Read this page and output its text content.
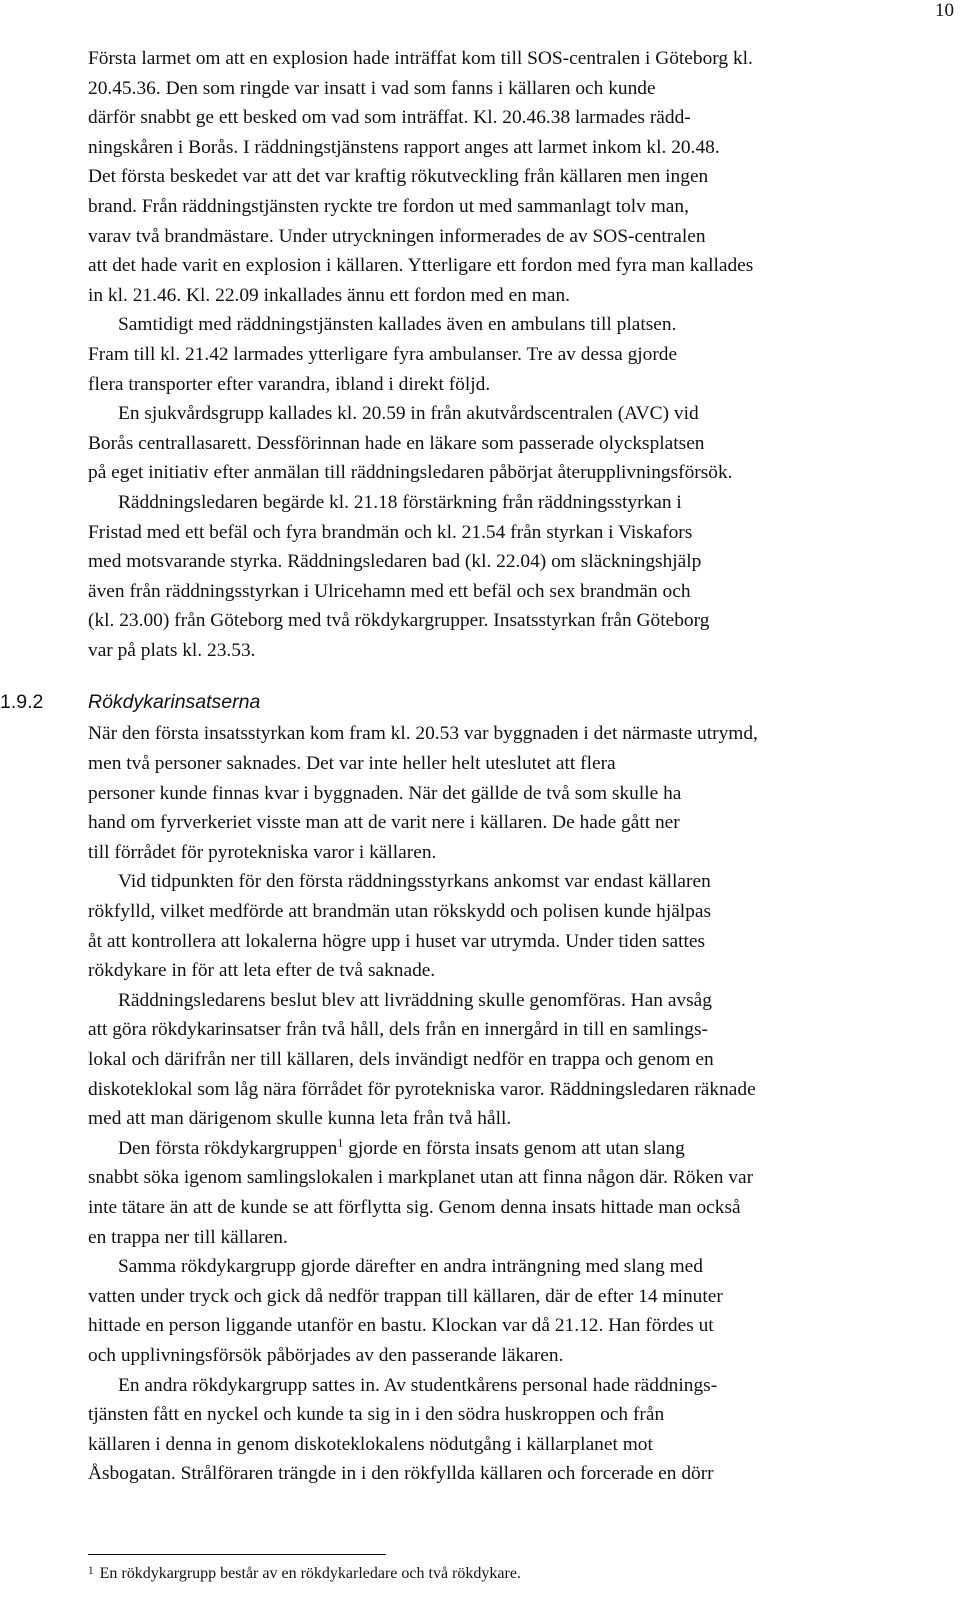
10
Första larmet om att en explosion hade inträffat kom till SOS-centralen i Göteborg kl.
20.45.36. Den som ringde var insatt i vad som fanns i källaren och kunde
därför snabbt ge ett besked om vad som inträffat. Kl. 20.46.38 larmades rädd-
ningskåren i Borås. I räddningstjänstens rapport anges att larmet inkom kl. 20.48.
Det första beskedet var att det var kraftig rökutveckling från källaren men ingen
brand. Från räddningstjänsten ryckte tre fordon ut med sammanlagt tolv man,
varav två brandmästare. Under utryckningen informerades de av SOS-centralen
att det hade varit en explosion i källaren. Ytterligare ett fordon med fyra man kallades
in kl. 21.46. Kl. 22.09 inkallades ännu ett fordon med en man.
Samtidigt med räddningstjänsten kallades även en ambulans till platsen.
Fram till kl. 21.42 larmades ytterligare fyra ambulanser. Tre av dessa gjorde
flera transporter efter varandra, ibland i direkt följd.
En sjukvårdsgrupp kallades kl. 20.59 in från akutvårdscentralen (AVC) vid
Borås centrallasarett. Dessförinnan hade en läkare som passerade olycksplatsen
på eget initiativ efter anmälan till räddningsledaren påbörjat återupplivningsförsök.
Räddningsledaren begärde kl. 21.18 förstärkning från räddningsstyrkan i
Fristad med ett befäl och fyra brandmän och kl. 21.54 från styrkan i Viskafors
med motsvarande styrka. Räddningsledaren bad (kl. 22.04) om släckningshjälp
även från räddningsstyrkan i Ulricehamn med ett befäl och sex brandmän och
(kl. 23.00) från Göteborg med två rökdykargrupper. Insatsstyrkan från Göteborg
var på plats kl. 23.53.
1.9.2 Rökdykarinsatserna
När den första insatsstyrkan kom fram kl. 20.53 var byggnaden i det närmaste utrymd,
men två personer saknades. Det var inte heller helt uteslutet att flera
personer kunde finnas kvar i byggnaden. När det gällde de två som skulle ha
hand om fyrverkeriet visste man att de varit nere i källaren. De hade gått ner
till förrådet för pyrotekniska varor i källaren.
Vid tidpunkten för den första räddningsstyrkans ankomst var endast källaren
rökfylld, vilket medförde att brandmän utan rökskydd och polisen kunde hjälpas
åt att kontrollera att lokalerna högre upp i huset var utrymda. Under tiden sattes
rökdykare in för att leta efter de två saknade.
Räddningsledarens beslut blev att livräddning skulle genomföras. Han avsåg
att göra rökdykarinsatser från två håll, dels från en innergård in till en samlings-
lokal och därifrån ner till källaren, dels invändigt nedför en trappa och genom en
diskoteklokal som låg nära förrådet för pyrotekniska varor. Räddningsledaren räknade
med att man därigenom skulle kunna leta från två håll.
Den första rökdykargruppen$^1$ gjorde en första insats genom att utan slang
snabbt söka igenom samlingslokalen i markplanet utan att finna någon där. Röken var
inte tätare än att de kunde se att förflytta sig. Genom denna insats hittade man också
en trappa ner till källaren.
Samma rökdykargrupp gjorde därefter en andra inträngning med slang med
vatten under tryck och gick då nedför trappan till källaren, där de efter 14 minuter
hittade en person liggande utanför en bastu. Klockan var då 21.12. Han fördes ut
och upplivningsförsök påbörjades av den passerande läkaren.
En andra rökdykargrupp sattes in. Av studentkårens personal hade räddnings-
tjänsten fått en nyckel och kunde ta sig in i den södra huskroppen och från
källaren i denna in genom diskoteklokalens nödutgång i källarplanet mot
Åsbogatan. Strålföraren trängde in i den rökfyllda källaren och forcerade en dörr
$^1$ En rökdykargrupp består av en rökdykarledare och två rökdykare.
